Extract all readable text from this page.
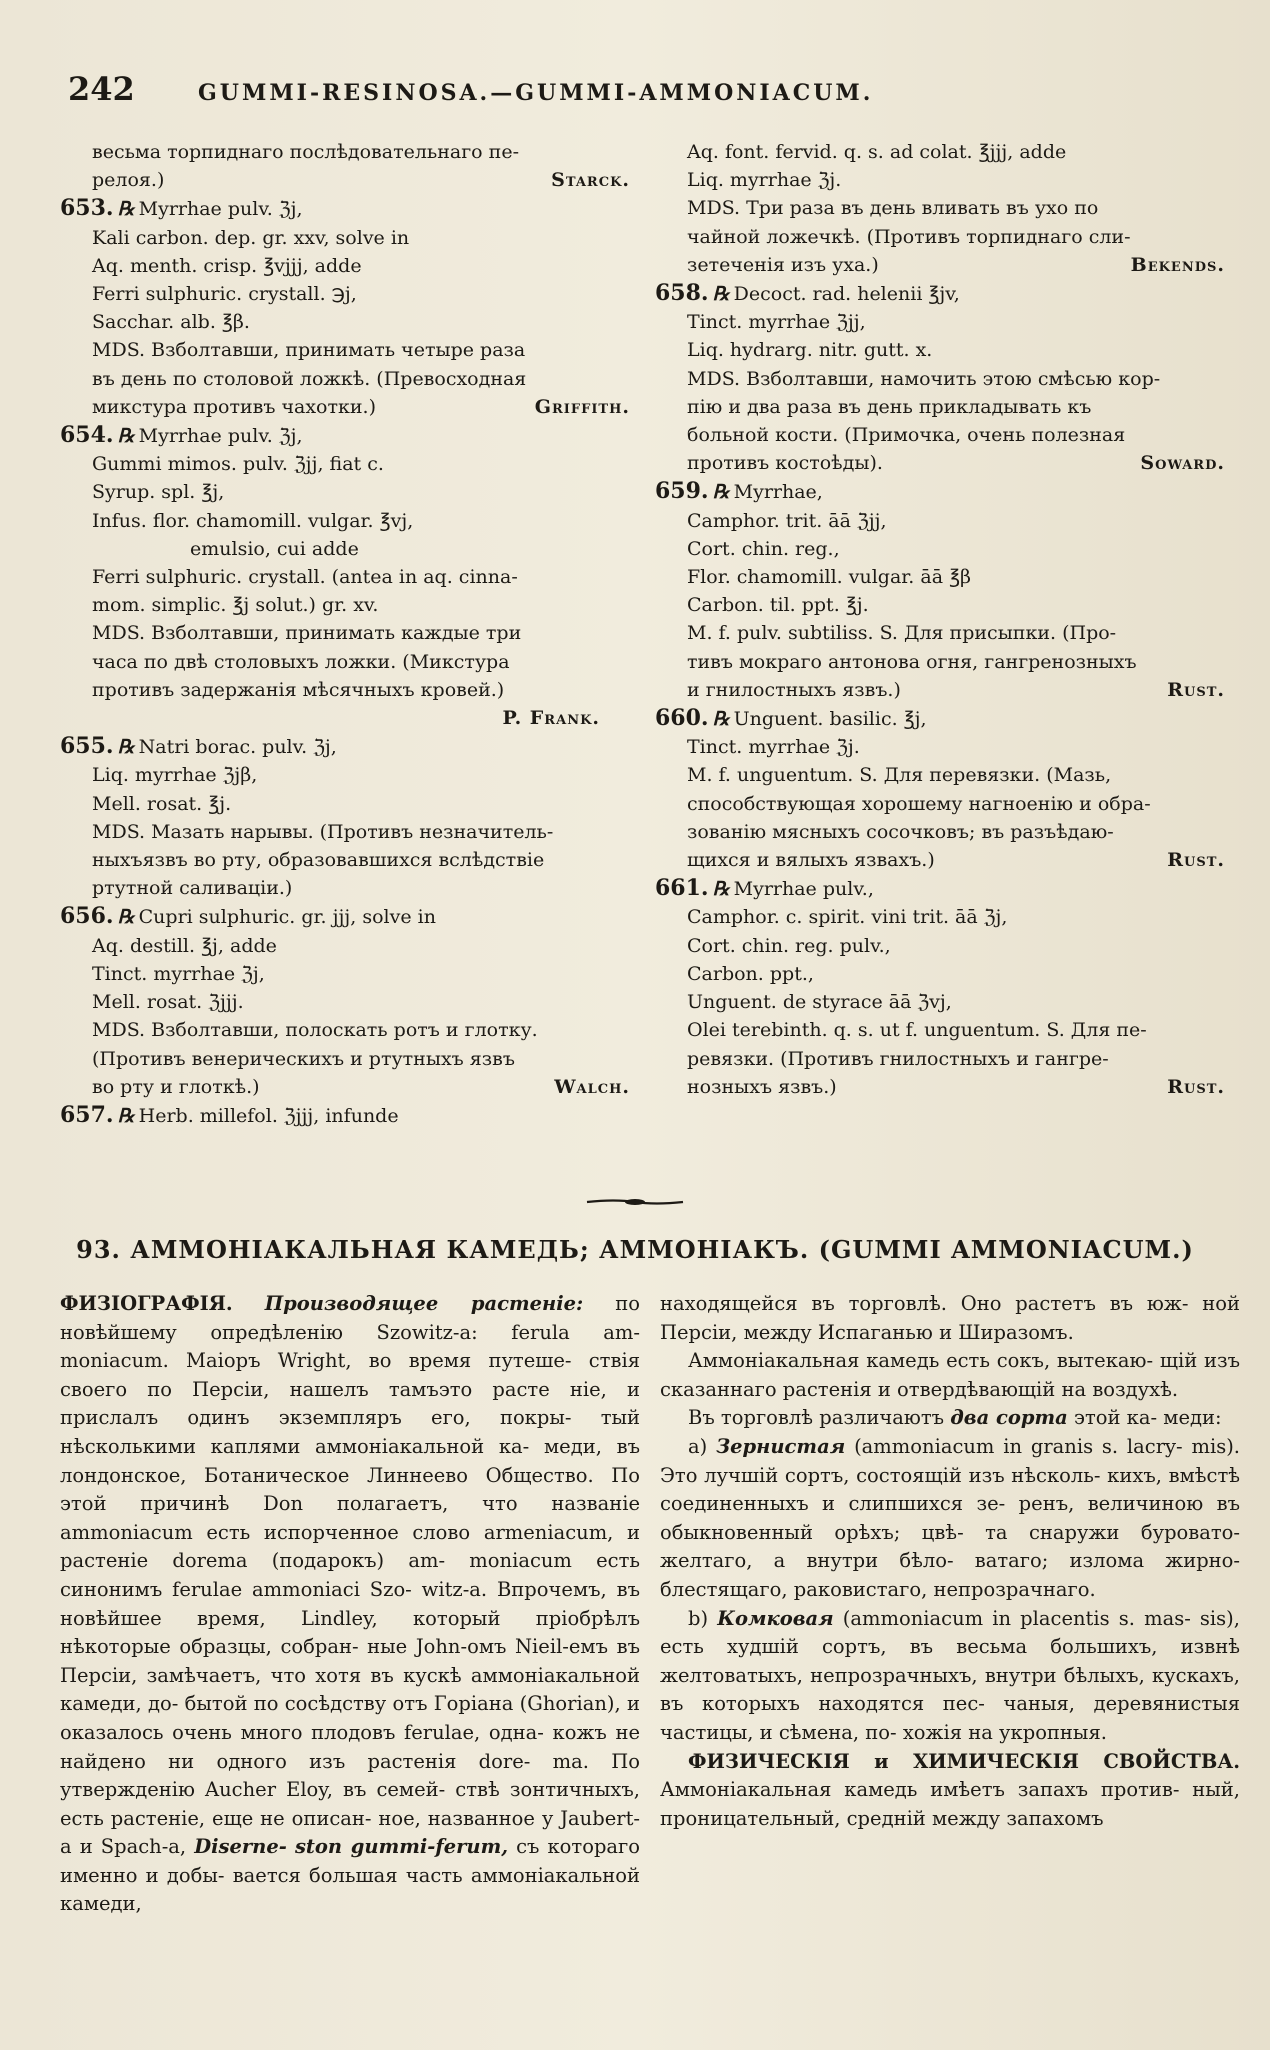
242	GUMMI-RESINOSA.—GUMMI-AMMONIACUM.
весьма торпиднаго послѣдовательнаго пе-
релоя.)	Starck.
653. ℞ Myrrhae pulv. ℨj,
Kali carbon. dep. gr. xxv, solve in
Aq. menth. crisp. ℥vjjj, adde
Ferri sulphuric. crystall. ℈j,
Sacchar. alb. ℥β.
MDS. Взболтавши, принимать четыре раза
въ день по столовой ложкѣ. (Превосходная
микстура противъ чахотки.)	Griffith.
654. ℞ Myrrhae pulv. ℨj,
Gummi mimos. pulv. ℨjj, fiat c.
Syrup. spl. ℥j,
Infus. flor. chamomill. vulgar. ℥vj,
emulsio, cui adde
Ferri sulphuric. crystall. (antea in aq. cinna-
mom. simplic. ℥j solut.) gr. xv.
MDS. Взболтавши, принимать каждые три
часа по двѣ столовыхъ ложки. (Микстура
противъ задержанія мѣсячныхъ кровей.)
P. Frank.
655. ℞ Natri borac. pulv. ℨj,
Liq. myrrhae ℨjβ,
Mell. rosat. ℥j.
MDS. Мазать нарывы. (Противъ незначитель-
ныхъязвъ во рту, образовавшихся вслѣдствіе
ртутной саливаціи.)
656. ℞ Cupri sulphuric. gr. jjj, solve in
Aq. destill. ℥j, adde
Tinct. myrrhae ℨj,
Mell. rosat. ℨjjj.
MDS. Взболтавши, полоскать ротъ и глотку.
(Противъ венерическихъ и ртутныхъ язвъ
во рту и глоткѣ.)	Walch.
657. ℞ Herb. millefol. ℨjjj, infunde
Aq. font. fervid. q. s. ad colat. ℥jjj, adde
Liq. myrrhae ℨj.
MDS. Три раза въ день вливать въ ухо по
чайной ложечкѣ. (Противъ торпиднаго сли-
зетеченія изъ уха.)	Bekends.
658. ℞ Decoct. rad. helenii ℥jv,
Tinct. myrrhae ℨjj,
Liq. hydrarg. nitr. gutt. x.
MDS. Взболтавши, намочить этою смѣсью кор-
пію и два раза въ день прикладывать къ
больной кости. (Примочка, очень полезная
противъ костоѣды).	Soward.
659. ℞ Myrrhae,
Camphor. trit. āā ℨjj,
Cort. chin. reg.,
Flor. chamomill. vulgar. āā ℥β
Carbon. til. ppt. ℥j.
M. f. pulv. subtiliss. S. Для присыпки. (Про-
тивъ мокраго антонова огня, гангренозныхъ
и гнилостныхъ язвъ.)	Rust.
660. ℞ Unguent. basilic. ℥j,
Tinct. myrrhae ℨj.
M. f. unguentum. S. Для перевязки. (Мазь,
способствующая хорошему нагноенію и обра-
зованію мясныхъ сосочковъ; въ разъѣдаю-
щихся и вялыхъ язвахъ.)	Rust.
661. ℞ Myrrhae pulv.,
Camphor. c. spirit. vini trit. āā ℨj,
Cort. chin. reg. pulv.,
Carbon. ppt.,
Unguent. de styrace āā ℨvj,
Olei terebinth. q. s. ut f. unguentum. S. Для пе-
ревязки. (Противъ гнилостныхъ и гангре-
нозныхъ язвъ.)	Rust.
93. АММОНІАКАЛЬНАЯ КАМЕДЬ; АММОНІАКЪ. (GUMMI AMMONIACUM.)

ФИЗІОГРАФІЯ. Производящее растеніе: по новѣйшему опредѣленію Szowitz-a: ferula am- moniacum. Маіоръ Wright, во время путеше- ствія своего по Персіи, нашелъ тамъэто расте ніе, и прислалъ одинъ экземпляръ его, покры- тый нѣсколькими каплями аммоніакальной ка- меди, въ лондонское, Ботаническое Линнеево Общество. По этой причинѣ Don полагаетъ, что названіе ammoniacum есть испорченное слово armeniacum, и растеніе dorema (подарокъ) am- moniacum есть синонимъ ferulae ammoniaci Szo- witz-a. Впрочемъ, въ новѣйшее время, Lindley, который пріобрѣлъ нѣкоторые образцы, собран- ные John-омъ Nieil-емъ въ Персіи, замѣчаетъ, что хотя въ кускѣ аммоніакальной камеди, до- бытой по сосѣдству отъ Горіана (Ghorian), и оказалось очень много плодовъ ferulae, одна- кожъ не найдено ни одного изъ растенія dore- ma. По утвержденію Aucher Eloy, въ семей- ствѣ зонтичныхъ, есть растеніе, еще не описан- ное, названное у Jaubert-a и Spach-a, Diserne- ston gummi-ferum, съ котораго именно и добы- вается большая часть аммоніакальной камеди,

находящейся въ торговлѣ. Оно растетъ въ юж- ной Персіи, между Испаганью и Ширазомъ.

Аммоніакальная камедь есть сокъ, вытекаю- щій изъ сказаннаго растенія и отвердѣвающій на воздухѣ.

Въ торговлѣ различаютъ два сорта этой ка- меди:

a) Зернистая (ammoniacum in granis s. lacry- mis). Это лучшій сортъ, состоящій изъ нѣсколь- кихъ, вмѣстѣ соединенныхъ и слипшихся зе- ренъ, величиною въ обыкновенный орѣхъ; цвѣ- та снаружи буровато-желтаго, а внутри бѣло- ватаго; излома жирно-блестящаго, раковистаго, непрозрачнаго.

b) Комковая (ammoniacum in placentis s. mas- sis), есть худшій сортъ, въ весьма большихъ, извнѣ желтоватыхъ, непрозрачныхъ, внутри бѣлыхъ, кускахъ, въ которыхъ находятся пес- чаныя, деревянистыя частицы, и сѣмена, по- хожія на укропныя.

ФИЗИЧЕСКІЯ и ХИМИЧЕСКІЯ СВОЙСТВА. Аммоніакальная камедь имѣетъ запахъ против- ный, проницательный, средній между запахомъ
